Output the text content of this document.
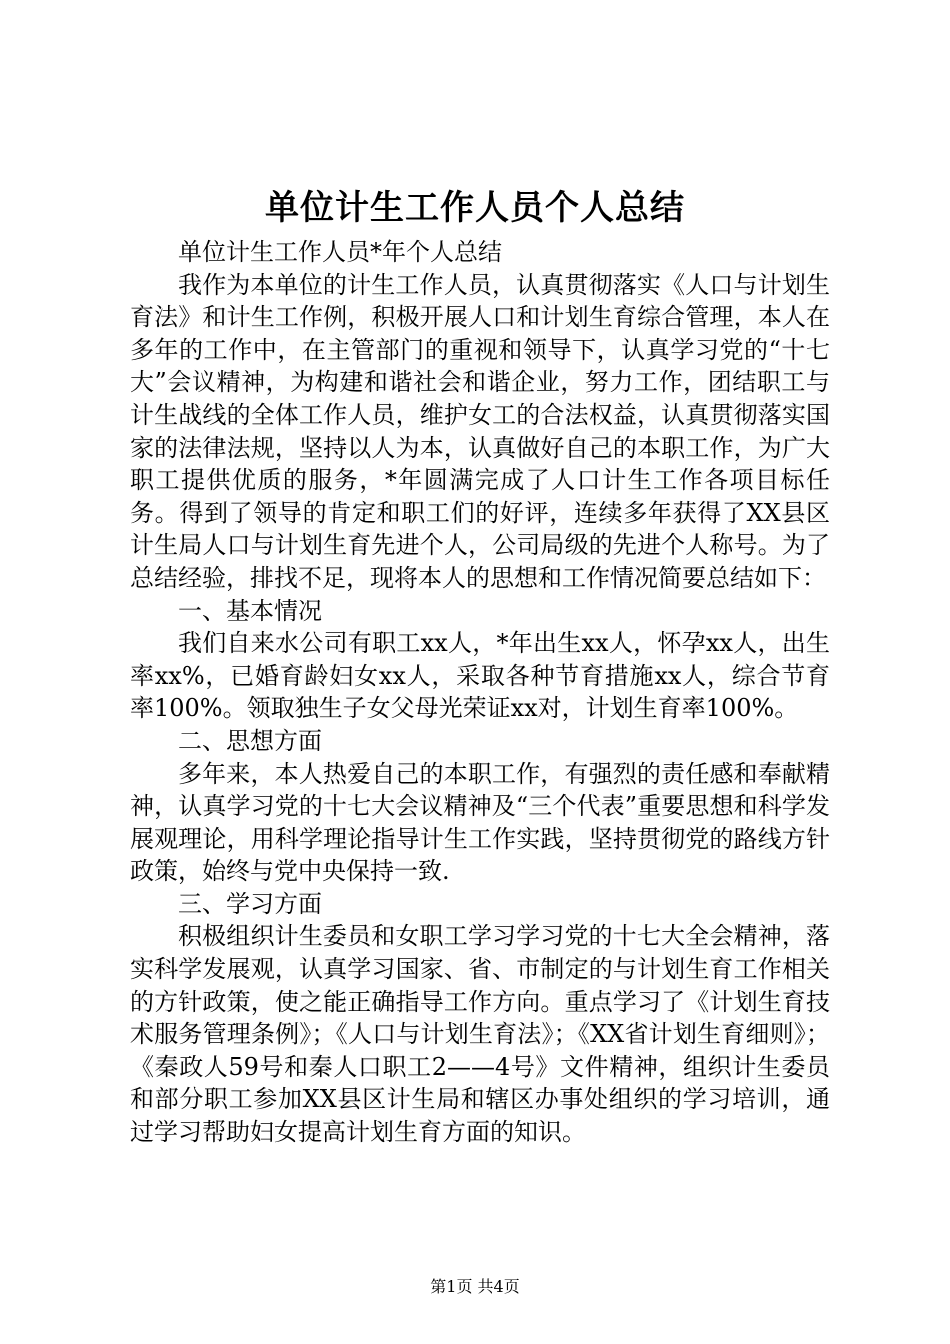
单位计生工作人员个人总结

单位计生工作人员*年个人总结

我作为本单位的计生工作人员，认真贯彻落实《人口与计划生育法》和计生工作例，积极开展人口和计划生育综合管理，本人在多年的工作中，在主管部门的重视和领导下，认真学习党的“十七大”会议精神，为构建和谐社会和谐企业，努力工作，团结职工与计生战线的全体工作人员，维护女工的合法权益，认真贯彻落实国家的法律法规，坚持以人为本，认真做好自己的本职工作，为广大职工提供优质的服务，*年圆满完成了人口计生工作各项目标任务。得到了领导的肯定和职工们的好评，连续多年获得了XX县区计生局人口与计划生育先进个人，公司局级的先进个人称号。为了总结经验，排找不足，现将本人的思想和工作情况简要总结如下：

一、基本情况

我们自来水公司有职工xx人，*年出生xx人，怀孕xx人，出生率xx%，已婚育龄妇女xx人，采取各种节育措施xx人，综合节育率100%。领取独生子女父母光荣证xx对，计划生育率100%。

二、思想方面

多年来，本人热爱自己的本职工作，有强烈的责任感和奉献精神，认真学习党的十七大会议精神及“三个代表”重要思想和科学发展观理论，用科学理论指导计生工作实践，坚持贯彻党的路线方针政策，始终与党中央保持一致.

三、学习方面

积极组织计生委员和女职工学习学习党的十七大全会精神，落实科学发展观，认真学习国家、省、市制定的与计划生育工作相关的方针政策，使之能正确指导工作方向。重点学习了《计划生育技术服务管理条例》；《人口与计划生育法》；《XX省计划生育细则》；《秦政人59号和秦人口职工2——4号》文件精神，组织计生委员和部分职工参加XX县区计生局和辖区办事处组织的学习培训，通过学习帮助妇女提高计划生育方面的知识。

第1页 共4页
